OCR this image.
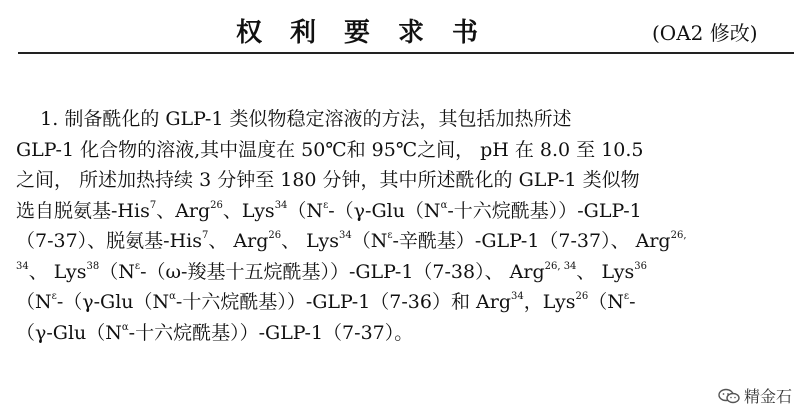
权 利 要 求 书	(OA2 修改)
1. 制备酰化的 GLP-1 类似物稳定溶液的方法，其包括加热所述
GLP-1 化合物的溶液,其中温度在 50℃和 95℃之间， pH 在 8.0 至 10.5
之间， 所述加热持续 3 分钟至 180 分钟，其中所述酰化的 GLP-1 类似物
选自脱氨基-His$^7$、Arg$^{26}$、$Lys^{34}(N^\varepsilon-(\gamma-Glu(N^\alpha-$十六烷酰基））-GLP-1
（7-37）、脱氨基-His$^7$、 Arg$^{26}$、 $Lys^{34}(N^\varepsilon-$辛酰基）-GLP-1（7-37）、 Arg$^{26,}$
$^{34}$、 $Lys^{38}(N^\varepsilon-(\omega-$羧基十五烷酰基））-GLP-1（7-38）、 Arg$^{26, 34}$、 Lys$^{36}$
（$N^\varepsilon-(\gamma-Glu(N^\alpha-$十六烷酰基））-GLP-1（7-36）和 Arg$^{34}$，$Lys^{26}(N^\varepsilon-$
（$\gamma-Glu(N^\alpha-$十六烷酰基））-GLP-1（7-37）。
精金石
